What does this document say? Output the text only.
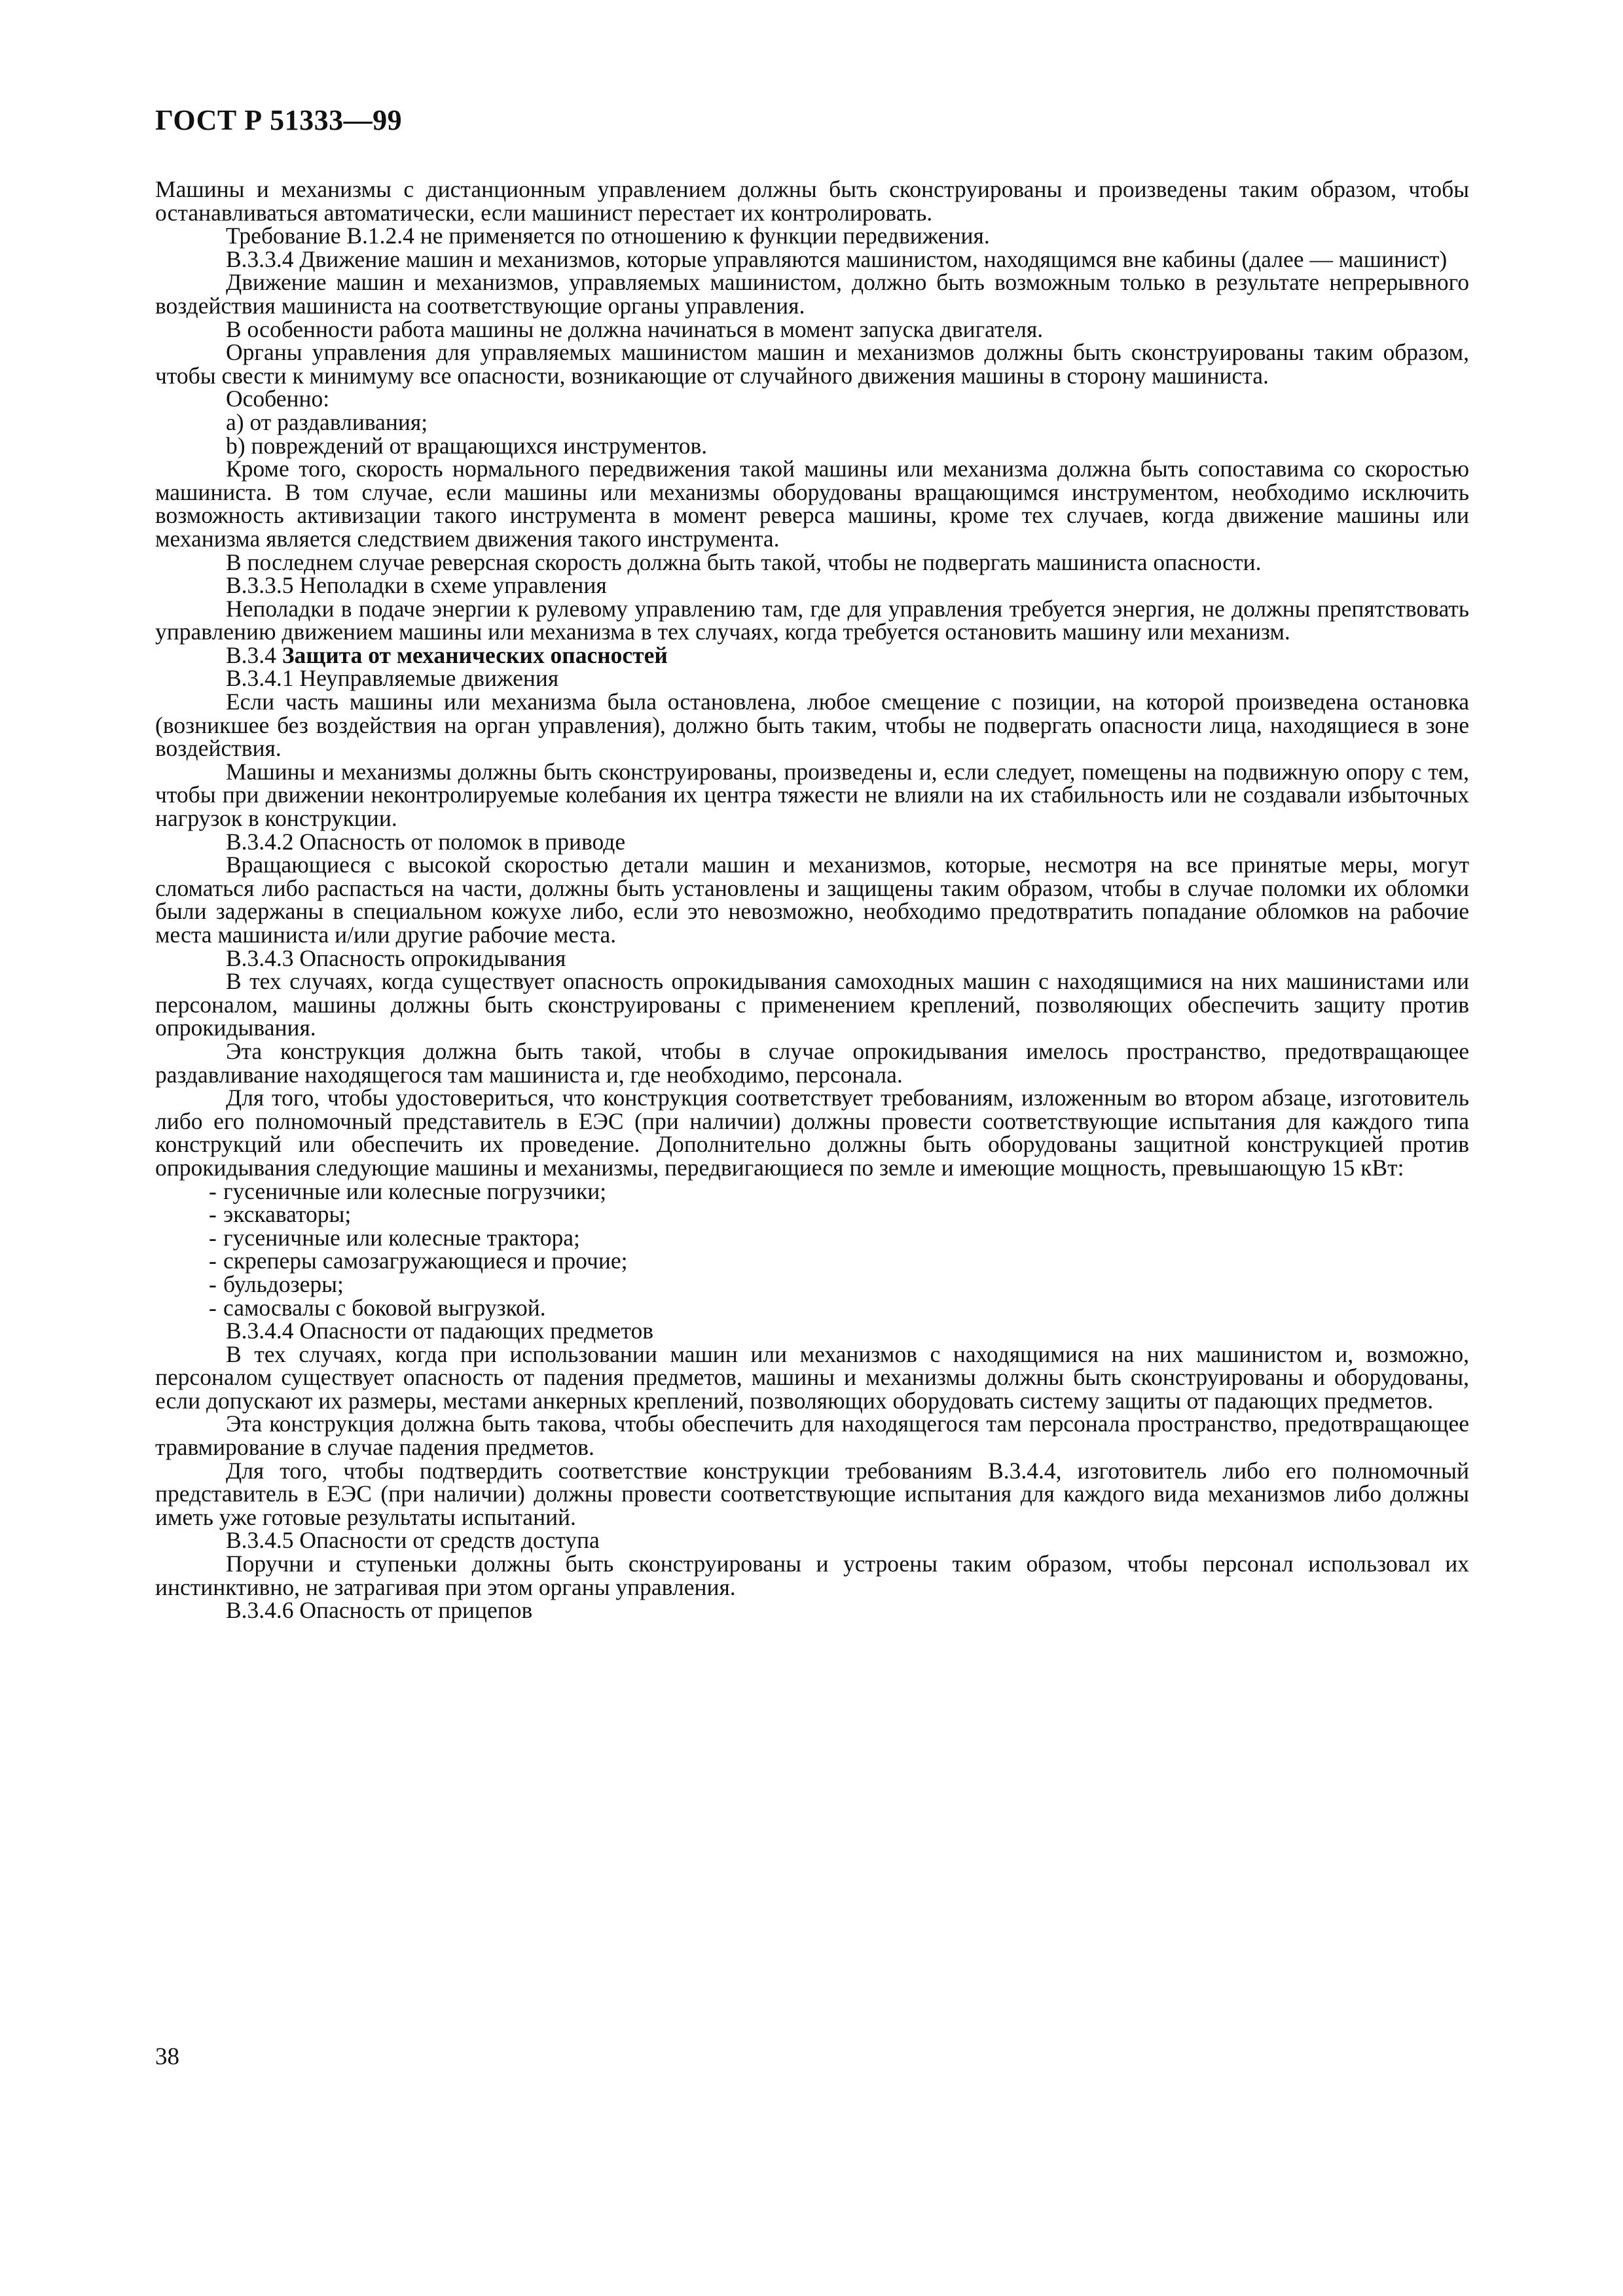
ГОСТ Р 51333—99

Машины и механизмы с дистанционным управлением должны быть сконструированы и произведены таким образом, чтобы останавливаться автоматически, если машинист перестает их контролировать.

Требование В.1.2.4 не применяется по отношению к функции передвижения.

В.3.3.4 Движение машин и механизмов, которые управляются машинистом, находящимся вне кабины (далее — машинист)

Движение машин и механизмов, управляемых машинистом, должно быть возможным только в результате непрерывного воздействия машиниста на соответствующие органы управления.

В особенности работа машины не должна начинаться в момент запуска двигателя.

Органы управления для управляемых машинистом машин и механизмов должны быть сконструированы таким образом, чтобы свести к минимуму все опасности, возникающие от случайного движения машины в сторону машиниста.

Особенно:

a) от раздавливания;

b) повреждений от вращающихся инструментов.

Кроме того, скорость нормального передвижения такой машины или механизма должна быть сопоставима со скоростью машиниста. В том случае, если машины или механизмы оборудованы вращающимся инструментом, необходимо исключить возможность активизации такого инструмента в момент реверса машины, кроме тех случаев, когда движение машины или механизма является следствием движения такого инструмента.

В последнем случае реверсная скорость должна быть такой, чтобы не подвергать машиниста опасности.

В.3.3.5 Неполадки в схеме управления

Неполадки в подаче энергии к рулевому управлению там, где для управления требуется энергия, не должны препятствовать управлению движением машины или механизма в тех случаях, когда требуется остановить машину или механизм.

В.3.4 Защита от механических опасностей

В.3.4.1 Неуправляемые движения

Если часть машины или механизма была остановлена, любое смещение с позиции, на которой произведена остановка (возникшее без воздействия на орган управления), должно быть таким, чтобы не подвергать опасности лица, находящиеся в зоне воздействия.

Машины и механизмы должны быть сконструированы, произведены и, если следует, помещены на подвижную опору с тем, чтобы при движении неконтролируемые колебания их центра тяжести не влияли на их стабильность или не создавали избыточных нагрузок в конструкции.

В.3.4.2 Опасность от поломок в приводе

Вращающиеся с высокой скоростью детали машин и механизмов, которые, несмотря на все принятые меры, могут сломаться либо распасться на части, должны быть установлены и защищены таким образом, чтобы в случае поломки их обломки были задержаны в специальном кожухе либо, если это невозможно, необходимо предотвратить попадание обломков на рабочие места машиниста и/или другие рабочие места.

В.3.4.3 Опасность опрокидывания

В тех случаях, когда существует опасность опрокидывания самоходных машин с находящимися на них машинистами или персоналом, машины должны быть сконструированы с применением креплений, позволяющих обеспечить защиту против опрокидывания.

Эта конструкция должна быть такой, чтобы в случае опрокидывания имелось пространство, предотвращающее раздавливание находящегося там машиниста и, где необходимо, персонала.

Для того, чтобы удостовериться, что конструкция соответствует требованиям, изложенным во втором абзаце, изготовитель либо его полномочный представитель в ЕЭС (при наличии) должны провести соответствующие испытания для каждого типа конструкций или обеспечить их проведение. Дополнительно должны быть оборудованы защитной конструкцией против опрокидывания следующие машины и механизмы, передвигающиеся по земле и имеющие мощность, превышающую 15 кВт:

- гусеничные или колесные погрузчики;

- экскаваторы;

- гусеничные или колесные трактора;

- скреперы самозагружающиеся и прочие;

- бульдозеры;

- самосвалы с боковой выгрузкой.

В.3.4.4 Опасности от падающих предметов

В тех случаях, когда при использовании машин или механизмов с находящимися на них машинистом и, возможно, персоналом существует опасность от падения предметов, машины и механизмы должны быть сконструированы и оборудованы, если допускают их размеры, местами анкерных креплений, позволяющих оборудовать систему защиты от падающих предметов.

Эта конструкция должна быть такова, чтобы обеспечить для находящегося там персонала пространство, предотвращающее травмирование в случае падения предметов.

Для того, чтобы подтвердить соответствие конструкции требованиям В.3.4.4, изготовитель либо его полномочный представитель в ЕЭС (при наличии) должны провести соответствующие испытания для каждого вида механизмов либо должны иметь уже готовые результаты испытаний.

В.3.4.5 Опасности от средств доступа

Поручни и ступеньки должны быть сконструированы и устроены таким образом, чтобы персонал использовал их инстинктивно, не затрагивая при этом органы управления.

В.3.4.6 Опасность от прицепов

38
